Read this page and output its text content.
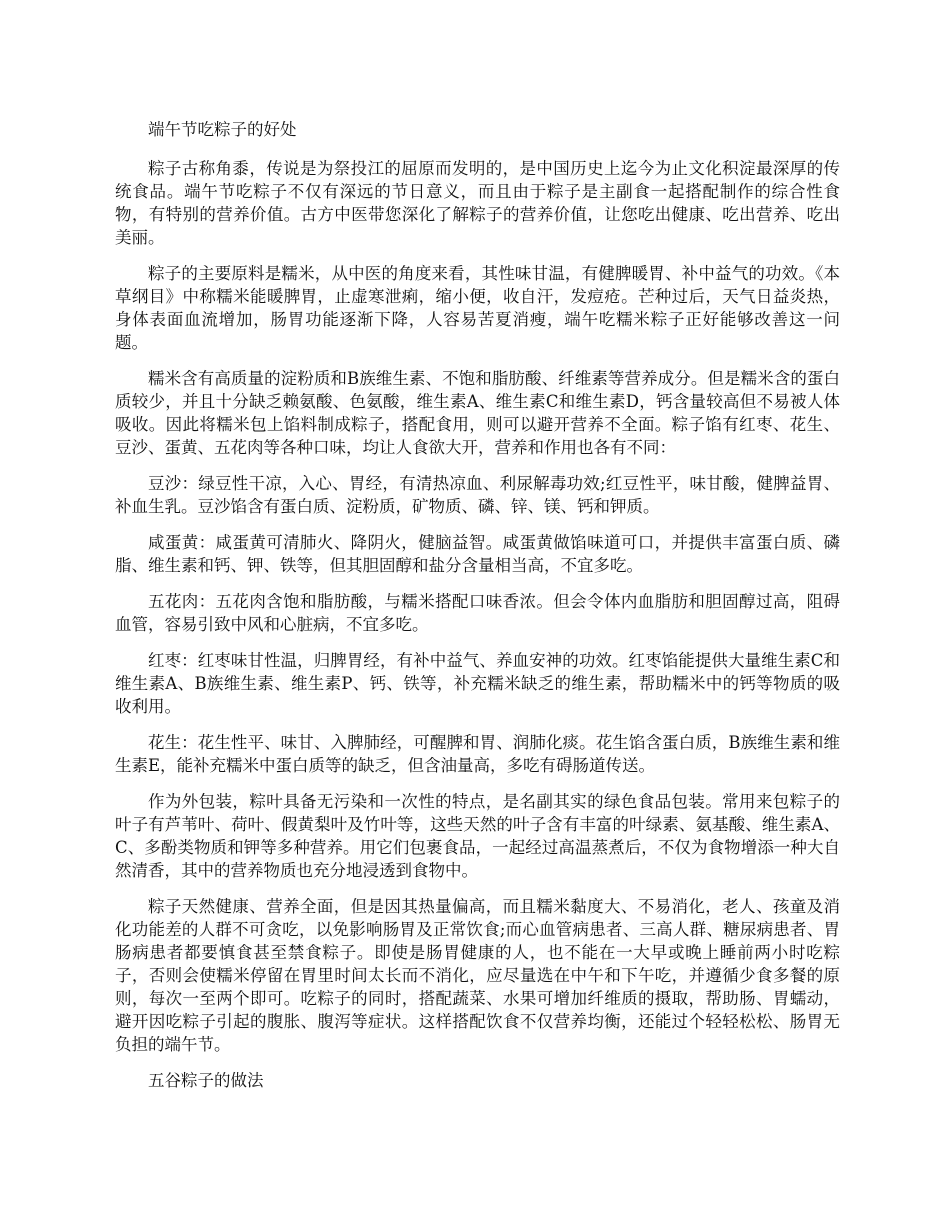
端午节吃粽子的好处

粽子古称角黍，传说是为祭投江的屈原而发明的，是中国历史上迄今为止文化积淀最深厚的传统食品。端午节吃粽子不仅有深远的节日意义，而且由于粽子是主副食一起搭配制作的综合性食物，有特别的营养价值。古方中医带您深化了解粽子的营养价值，让您吃出健康、吃出营养、吃出美丽。

粽子的主要原料是糯米，从中医的角度来看，其性味甘温，有健脾暖胃、补中益气的功效。《本草纲目》中称糯米能暖脾胃，止虚寒泄痢，缩小便，收自汗，发痘疮。芒种过后，天气日益炎热，身体表面血流增加，肠胃功能逐渐下降，人容易苦夏消瘦，端午吃糯米粽子正好能够改善这一问题。

糯米含有高质量的淀粉质和B族维生素、不饱和脂肪酸、纤维素等营养成分。但是糯米含的蛋白质较少，并且十分缺乏赖氨酸、色氨酸，维生素A、维生素C和维生素D，钙含量较高但不易被人体吸收。因此将糯米包上馅料制成粽子，搭配食用，则可以避开营养不全面。粽子馅有红枣、花生、豆沙、蛋黄、五花肉等各种口味，均让人食欲大开，营养和作用也各有不同：

豆沙：绿豆性干凉，入心、胃经，有清热凉血、利尿解毒功效;红豆性平，味甘酸，健脾益胃、补血生乳。豆沙馅含有蛋白质、淀粉质，矿物质、磷、锌、镁、钙和钾质。

咸蛋黄：咸蛋黄可清肺火、降阴火，健脑益智。咸蛋黄做馅味道可口，并提供丰富蛋白质、磷脂、维生素和钙、钾、铁等，但其胆固醇和盐分含量相当高，不宜多吃。

五花肉：五花肉含饱和脂肪酸，与糯米搭配口味香浓。但会令体内血脂肪和胆固醇过高，阻碍血管，容易引致中风和心脏病，不宜多吃。

红枣：红枣味甘性温，归脾胃经，有补中益气、养血安神的功效。红枣馅能提供大量维生素C和维生素A、B族维生素、维生素P、钙、铁等，补充糯米缺乏的维生素，帮助糯米中的钙等物质的吸收利用。

花生：花生性平、味甘、入脾肺经，可醒脾和胃、润肺化痰。花生馅含蛋白质，B族维生素和维生素E，能补充糯米中蛋白质等的缺乏，但含油量高，多吃有碍肠道传送。

作为外包装，粽叶具备无污染和一次性的特点，是名副其实的绿色食品包装。常用来包粽子的叶子有芦苇叶、荷叶、假黄梨叶及竹叶等，这些天然的叶子含有丰富的叶绿素、氨基酸、维生素A、C、多酚类物质和钾等多种营养。用它们包裹食品，一起经过高温蒸煮后，不仅为食物增添一种大自然清香，其中的营养物质也充分地浸透到食物中。

粽子天然健康、营养全面，但是因其热量偏高，而且糯米黏度大、不易消化，老人、孩童及消化功能差的人群不可贪吃，以免影响肠胃及正常饮食;而心血管病患者、三高人群、糖尿病患者、胃肠病患者都要慎食甚至禁食粽子。即使是肠胃健康的人，也不能在一大早或晚上睡前两小时吃粽子，否则会使糯米停留在胃里时间太长而不消化，应尽量选在中午和下午吃，并遵循少食多餐的原则，每次一至两个即可。吃粽子的同时，搭配蔬菜、水果可增加纤维质的摄取，帮助肠、胃蠕动，避开因吃粽子引起的腹胀、腹泻等症状。这样搭配饮食不仅营养均衡，还能过个轻轻松松、肠胃无负担的端午节。

五谷粽子的做法
